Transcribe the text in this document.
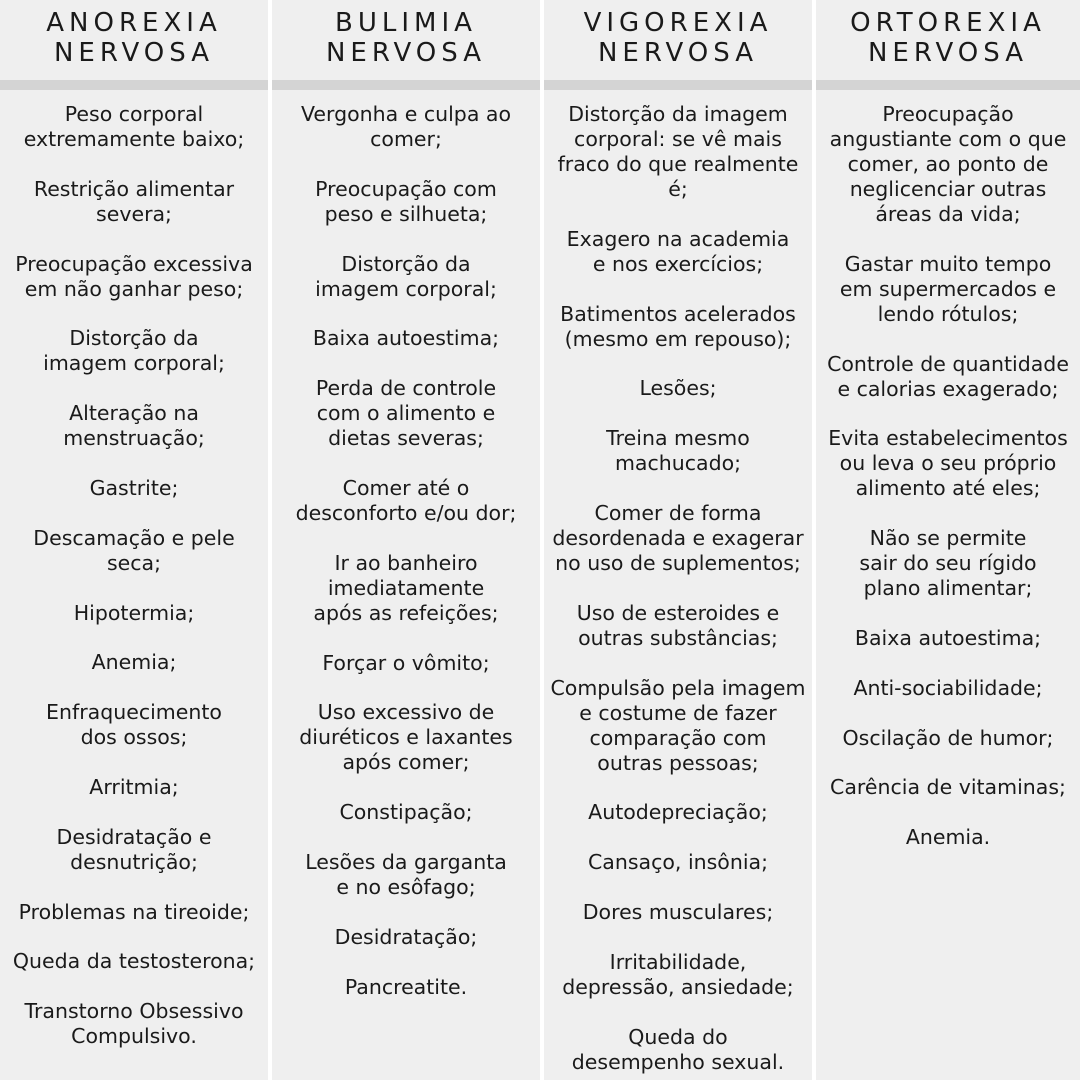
ANOREXIA
NERVOSA
Peso corporal
extremamente baixo;
Restrição alimentar
severa;
Preocupação excessiva
em não ganhar peso;
Distorção da
imagem corporal;
Alteração na
menstruação;
Gastrite;
Descamação e pele
seca;
Hipotermia;
Anemia;
Enfraquecimento
dos ossos;
Arritmia;
Desidratação e
desnutrição;
Problemas na tireoide;
Queda da testosterona;
Transtorno Obsessivo
Compulsivo.
BULIMIA
NERVOSA
Vergonha e culpa ao
comer;
Preocupação com
peso e silhueta;
Distorção da
imagem corporal;
Baixa autoestima;
Perda de controle
com o alimento e
dietas severas;
Comer até o
desconforto e/ou dor;
Ir ao banheiro
imediatamente
após as refeições;
Forçar o vômito;
Uso excessivo de
diuréticos e laxantes
após comer;
Constipação;
Lesões da garganta
e no esôfago;
Desidratação;
Pancreatite.
VIGOREXIA
NERVOSA
Distorção da imagem
corporal: se vê mais
fraco do que realmente
é;
Exagero na academia
e nos exercícios;
Batimentos acelerados
(mesmo em repouso);
Lesões;
Treina mesmo
machucado;
Comer de forma
desordenada e exagerar
no uso de suplementos;
Uso de esteroides e
outras substâncias;
Compulsão pela imagem
e costume de fazer
comparação com
outras pessoas;
Autodepreciação;
Cansaço, insônia;
Dores musculares;
Irritabilidade,
depressão, ansiedade;
Queda do
desempenho sexual.
ORTOREXIA
NERVOSA
Preocupação
angustiante com o que
comer, ao ponto de
neglicenciar outras
áreas da vida;
Gastar muito tempo
em supermercados e
lendo rótulos;
Controle de quantidade
e calorias exagerado;
Evita estabelecimentos
ou leva o seu próprio
alimento até eles;
Não se permite
sair do seu rígido
plano alimentar;
Baixa autoestima;
Anti-sociabilidade;
Oscilação de humor;
Carência de vitaminas;
Anemia.
